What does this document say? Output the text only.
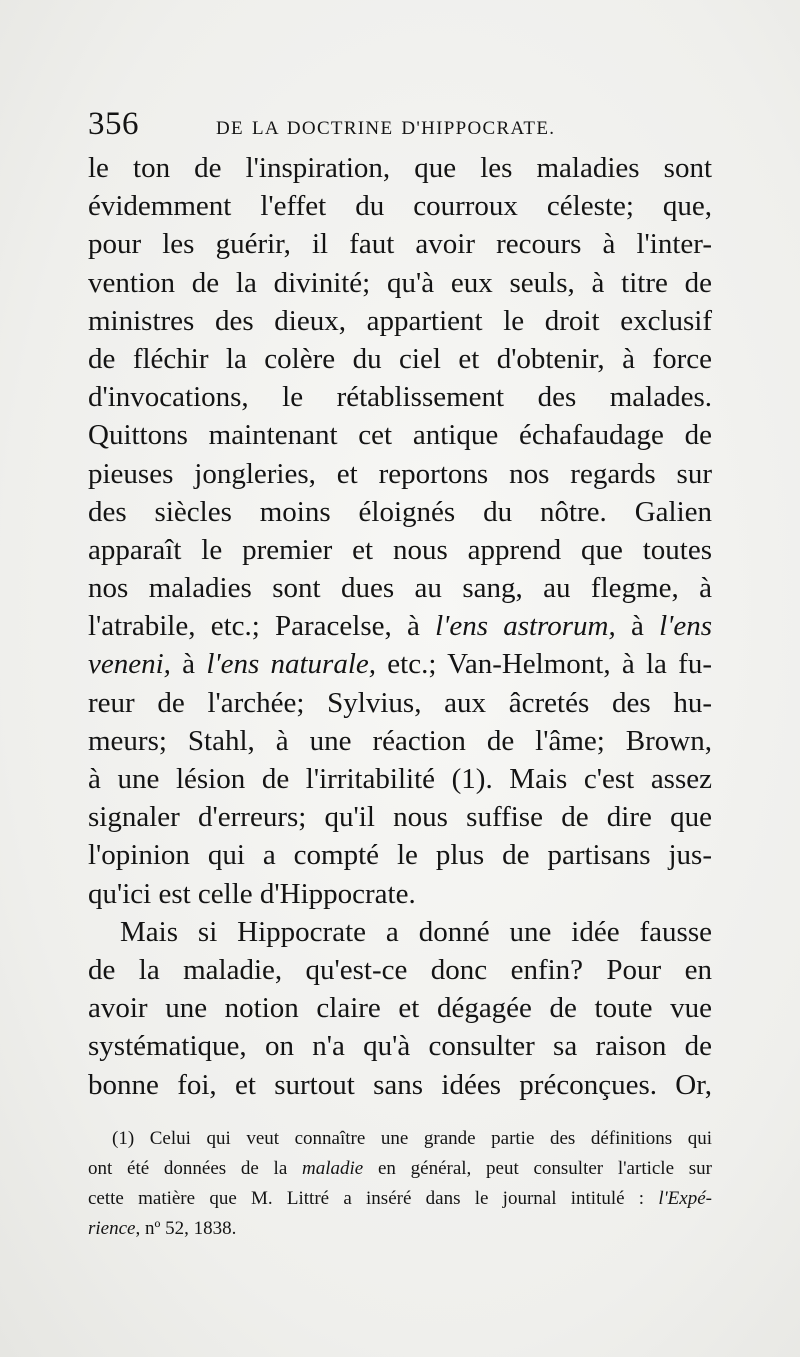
356	DE LA DOCTRINE D'HIPPOCRATE.
le ton de l'inspiration, que les maladies sont
évidemment l'effet du courroux céleste; que,
pour les guérir, il faut avoir recours à l'inter-
vention de la divinité; qu'à eux seuls, à titre de
ministres des dieux, appartient le droit exclusif
de fléchir la colère du ciel et d'obtenir, à force
d'invocations, le rétablissement des malades.
Quittons maintenant cet antique échafaudage de
pieuses jongleries, et reportons nos regards sur
des siècles moins éloignés du nôtre. Galien
apparaît le premier et nous apprend que toutes
nos maladies sont dues au sang, au flegme, à
l'atrabile, etc.; Paracelse, à l'ens astrorum, à l'ens
veneni, à l'ens naturale, etc.; Van-Helmont, à la fu-
reur de l'archée; Sylvius, aux âcretés des hu-
meurs; Stahl, à une réaction de l'âme; Brown,
à une lésion de l'irritabilité (1). Mais c'est assez
signaler d'erreurs; qu'il nous suffise de dire que
l'opinion qui a compté le plus de partisans jus-
qu'ici est celle d'Hippocrate.
Mais si Hippocrate a donné une idée fausse
de la maladie, qu'est-ce donc enfin? Pour en
avoir une notion claire et dégagée de toute vue
systématique, on n'a qu'à consulter sa raison de
bonne foi, et surtout sans idées préconçues. Or,
(1) Celui qui veut connaître une grande partie des définitions qui
ont été données de la maladie en général, peut consulter l'article sur
cette matière que M. Littré a inséré dans le journal intitulé : l'Expé-
rience, nº 52, 1838.
